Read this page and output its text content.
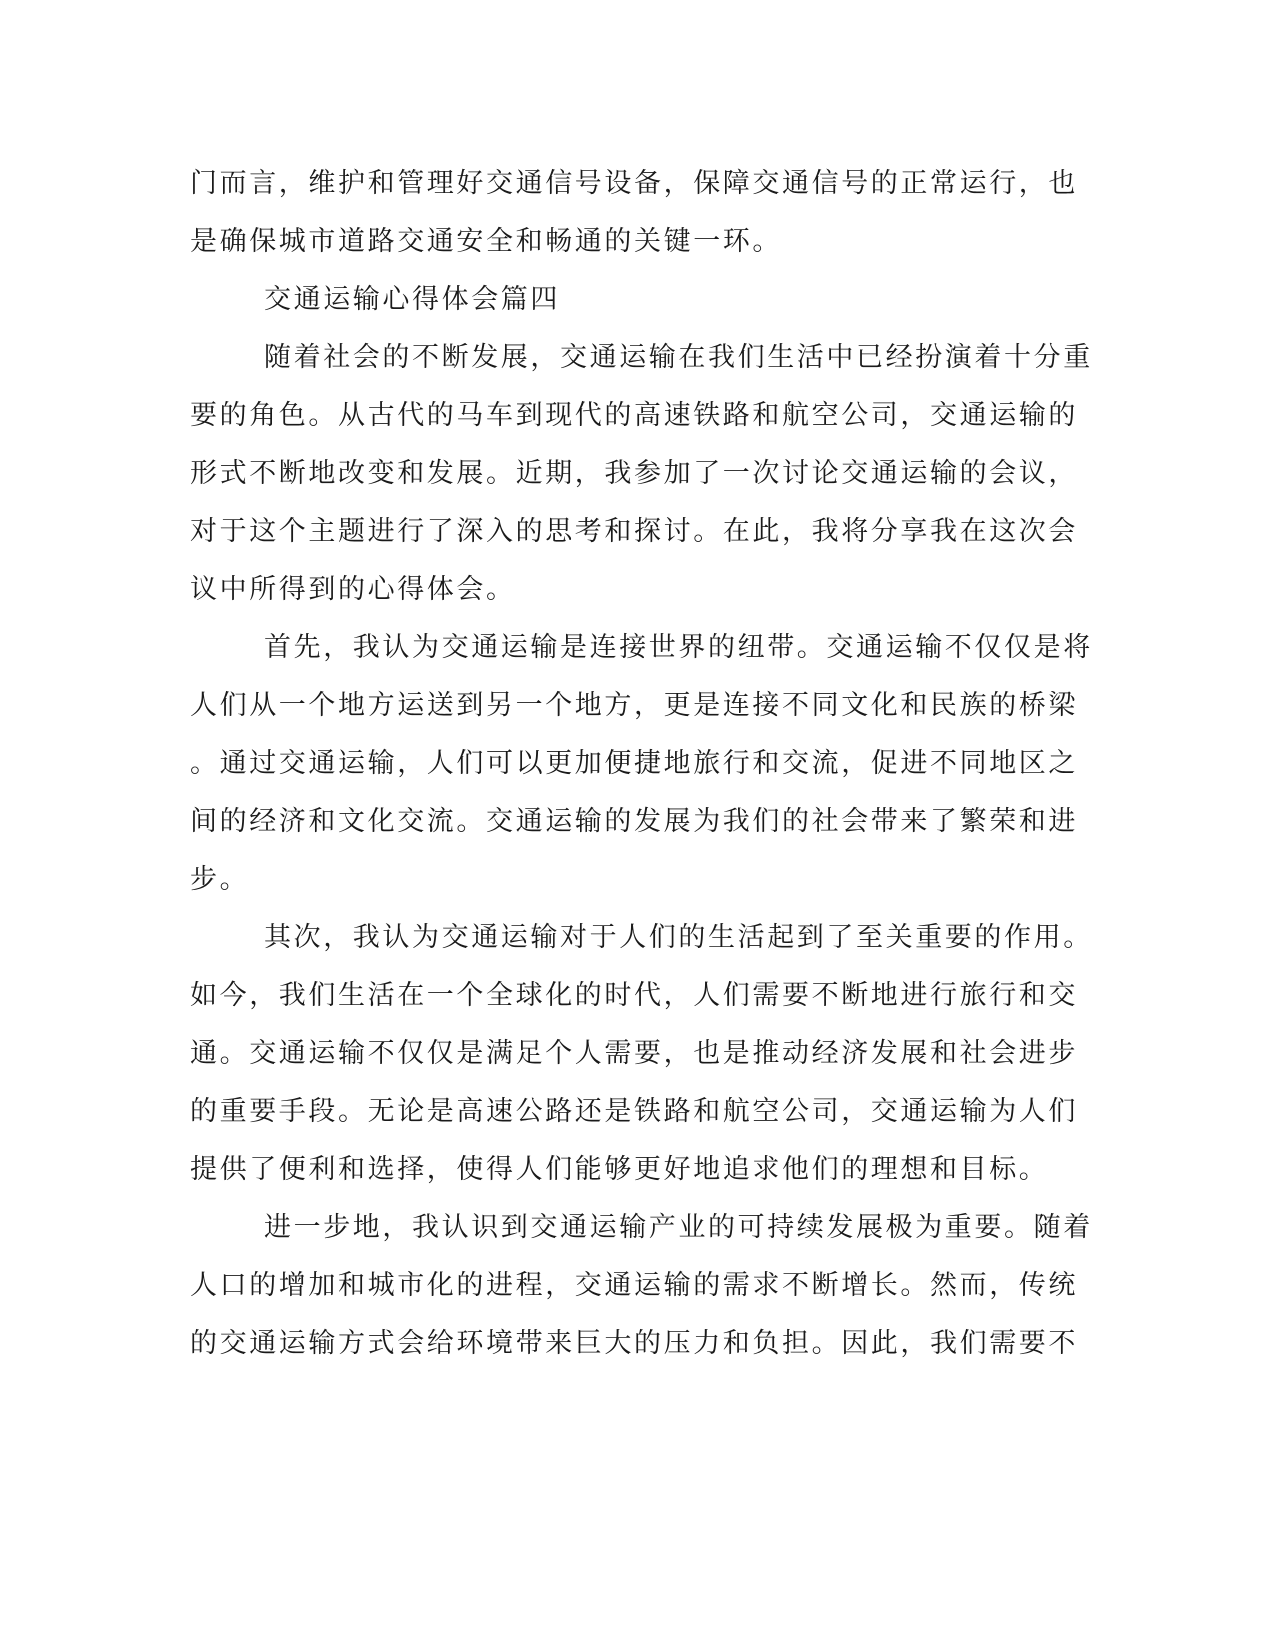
门而言，维护和管理好交通信号设备，保障交通信号的正常运行，也
是确保城市道路交通安全和畅通的关键一环。
交通运输心得体会篇四
随着社会的不断发展，交通运输在我们生活中已经扮演着十分重
要的角色。从古代的马车到现代的高速铁路和航空公司，交通运输的
形式不断地改变和发展。近期，我参加了一次讨论交通运输的会议，
对于这个主题进行了深入的思考和探讨。在此，我将分享我在这次会
议中所得到的心得体会。
首先，我认为交通运输是连接世界的纽带。交通运输不仅仅是将
人们从一个地方运送到另一个地方，更是连接不同文化和民族的桥梁
。通过交通运输，人们可以更加便捷地旅行和交流，促进不同地区之
间的经济和文化交流。交通运输的发展为我们的社会带来了繁荣和进
步。
其次，我认为交通运输对于人们的生活起到了至关重要的作用。
如今，我们生活在一个全球化的时代，人们需要不断地进行旅行和交
通。交通运输不仅仅是满足个人需要，也是推动经济发展和社会进步
的重要手段。无论是高速公路还是铁路和航空公司，交通运输为人们
提供了便利和选择，使得人们能够更好地追求他们的理想和目标。
进一步地，我认识到交通运输产业的可持续发展极为重要。随着
人口的增加和城市化的进程，交通运输的需求不断增长。然而，传统
的交通运输方式会给环境带来巨大的压力和负担。因此，我们需要不
